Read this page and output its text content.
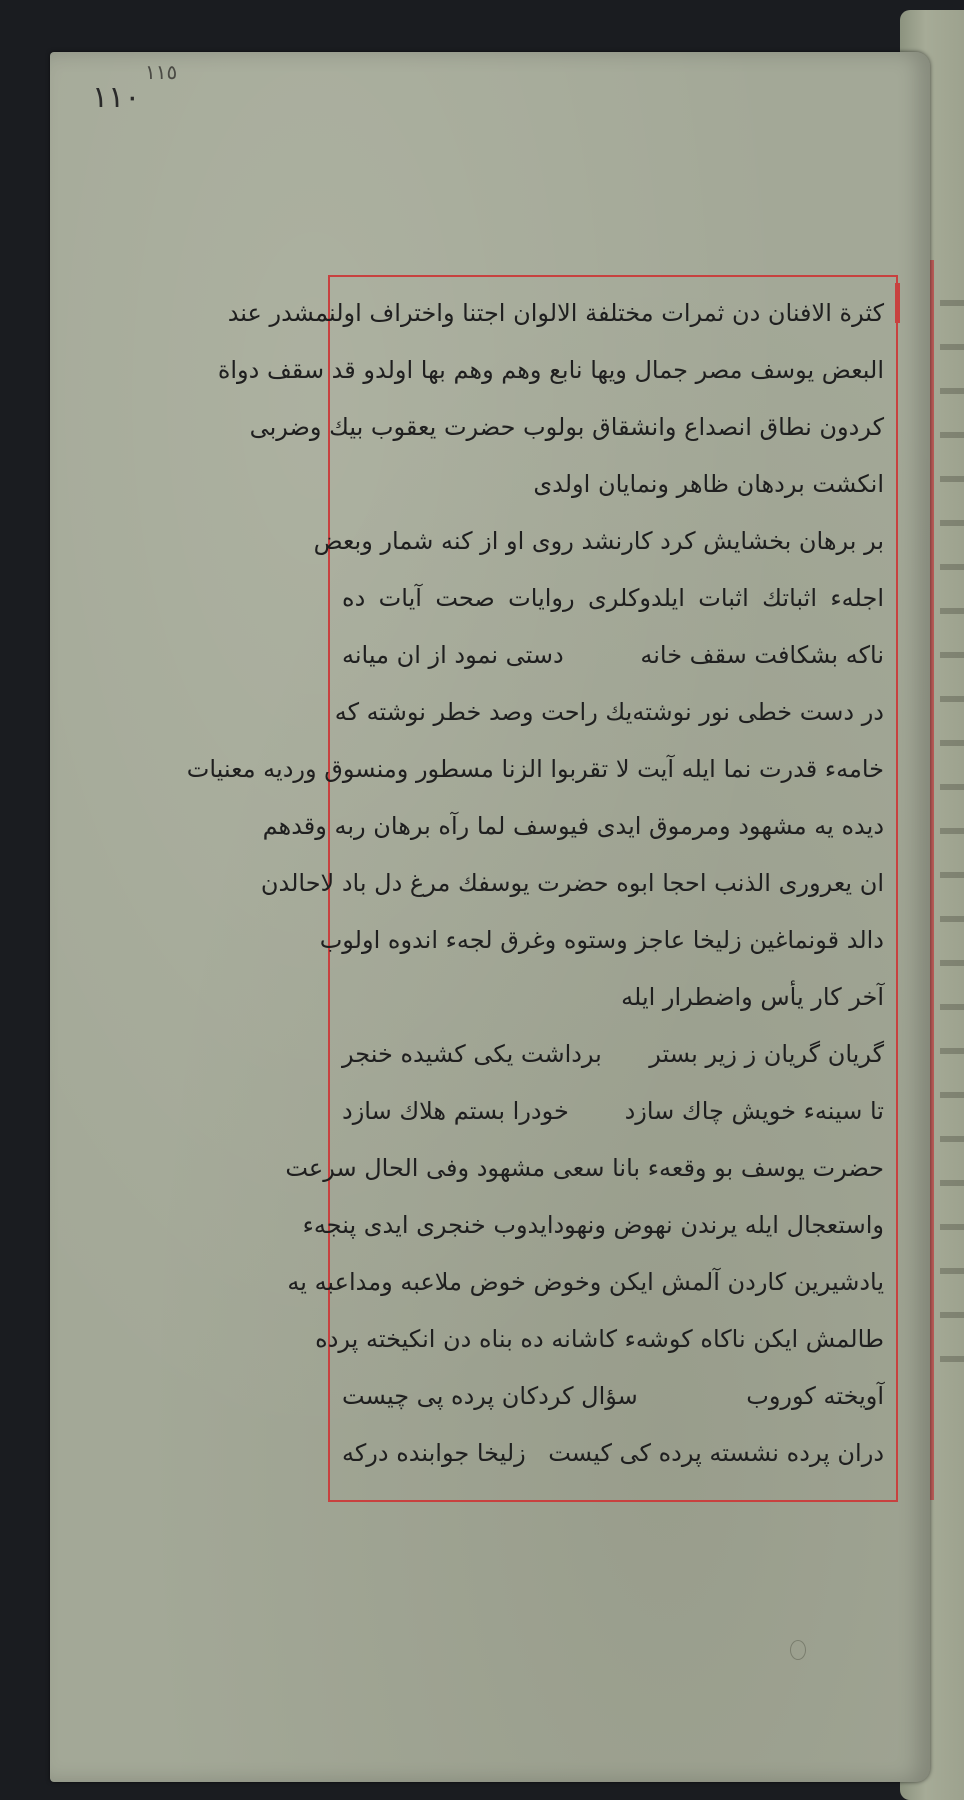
١١٠
١١٥
كثرة الافنان دن ثمرات مختلفة الالوان اجتنا واختراف اولنمشدر عند
البعض يوسف مصر جمال ويها نابع وهم وهم بها اولدو قد سقف دواة
كردون نطاق انصداع وانشقاق بولوب حضرت يعقوب بيك وضربى
انكشت بردهان ظاهر ونمايان اولدى
بر برهان بخشايش كرد كار
نشد روى او از كنه شمار وبعض
اجلهء اثباتك اثبات ايلدوكلرى روايات صحت آيات ده
ناكه بشكافت سقف خانه
دستى نمود از ان ميانه
در دست خطى نور نوشته
يك راحت وصد خطر نوشته كه
خامهء قدرت نما ايله آيت لا تقربوا الزنا مسطور ومنسوق ورديه معنيات
ديده يه مشهود ومرموق ايدى فيوسف لما رآه برهان ربه وقدهم
ان يعرورى الذنب احجا ابوه حضرت يوسفك مرغ دل باد لاحالدن
دالد قونماغين زليخا عاجز وستوه وغرق لجهء اندوه اولوب
آخر كار يأس واضطرار ايله
گريان گريان ز زير بستر
برداشت يكى كشيده خنجر
تا سينهء خويش چاك سازد
خودرا بستم هلاك سازد
حضرت يوسف بو وقعهء بانا سعى مشهود وفى الحال سرعت
واستعجال ايله يرندن نهوض ونهودايدوب خنجرى ايدى پنجهء
يادشيرين كاردن آلمش ايكن وخوض خوض ملاعبه ومداعبه يه
طالمش ايكن ناكاه كوشهء كاشانه ده بناه دن انكيخته پرده
آويخته كوروب
سؤال كردكان پرده پى چيست
دران پرده نشسته پرده كى كيست
زليخا جوابنده دركه
